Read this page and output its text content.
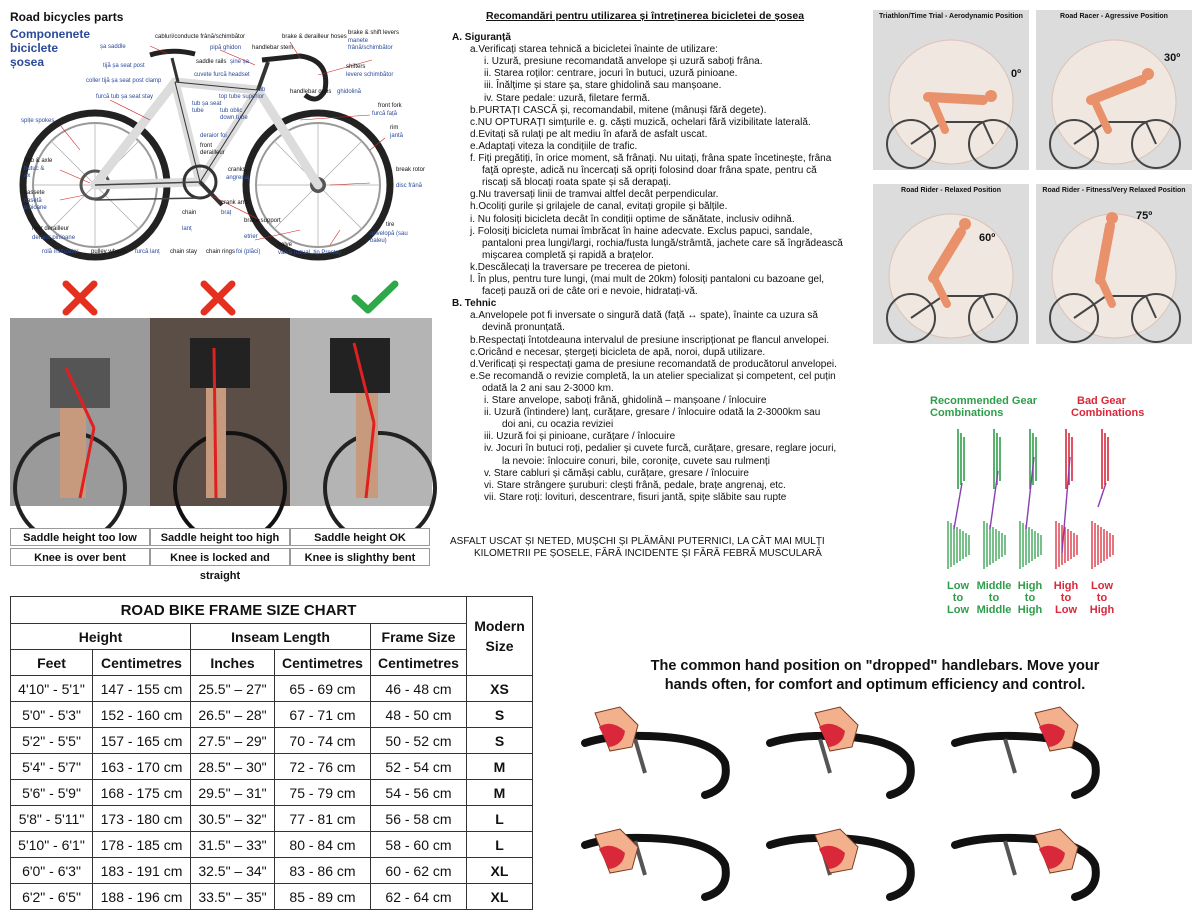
Road bicycles parts
Componenete biciclete șosea
cabluri/conducte frână/schimbător	brake & derailleur hoses
brake & shift levers
manete frână/schimbător
șa saddle	pipă ghidon handlebar stem
tijă șa seat post
saddle rails șine șa
coller tijă șa seat post clamp
cuvete furcă headset
shifters
levere schimbător
furcă tub șa seat stay	top tube superior
tub	handlebar grips ghidolină
tub șa seat tube	tub oblic down tube
front fork
furcă față
spițe spokes
deraior foi
front derailleur
rim
jantă
hub & axle
butuc & ax
cranks
angrenaj
break rotor
disc frână
cassete
casetă pinioane
crank arm
braț
chain
lanț
rear derailleur
deraior pinioane
brake support
etrier
tire
anvelopă (sau baleu)
rolă întinzător pulley wheels furcă lanț chain stay chain rings foi (plăci)
valve
valvă (uzual, tip Presta)
Saddle height too low	Saddle height too high	Saddle height OK
Knee is over bent	Knee is locked and straight
Knee is slighthy bent
ROAD BIKE FRAME SIZE CHART					Modern
Size

Height		Inseam Length		Frame Size	
Feet	Centimetres	Inches	Centimetres	Centimetres	
4'10" - 5'1"	147 - 155 cm	25.5" – 27"	65 - 69 cm	46 - 48 cm	XS
5'0" - 5'3"	152 - 160 cm	26.5" – 28"	67 - 71 cm	48 - 50 cm	S
5'2" - 5'5"	157 - 165 cm	27.5" – 29"	70 - 74 cm	50 - 52 cm	S
5'4" - 5'7"	163 - 170 cm	28.5" – 30"	72 - 76 cm	52 - 54 cm	M
5'6" - 5'9"	168 - 175 cm	29.5" – 31"	75 - 79 cm	54 - 56 cm	M
5'8" - 5'11"	173 - 180 cm	30.5" – 32"	77 - 81 cm	56 - 58 cm	L
5'10" - 6'1"	178 - 185 cm	31.5" – 33"	80 - 84 cm	58 - 60 cm	L
6'0" - 6'3"	183 - 191 cm	32.5" – 34"	83 - 86 cm	60 - 62 cm	XL
6'2" - 6'5"	188 - 196 cm	33.5" – 35"	85 - 89 cm	62 - 64 cm	XL
Recomandări pentru utilizarea și întreținerea bicicletei de șosea
A. Siguranță
a.Verificați starea tehnică a bicicletei înainte de utilizare:
i. Uzură, presiune recomandată anvelope și uzură saboți frâna.
ii. Starea roților: centrare, jocuri în butuci, uzură pinioane.
iii. Înălțime și stare șa, stare ghidolină sau manșoane.
iv. Stare pedale: uzură, filetare fermă.
b.PURTAȚI CASCĂ și, recomandabil, mitene (mânuși fără degete).
c.NU OPTURAȚI simțurile e. g. căști muzică, ochelari fără vizibilitate laterală.
d.Evitați să rulați pe alt mediu în afară de asfalt uscat.
e.Adaptați viteza la condițiile de trafic.
f. Fiți pregătiți, în orice moment, să frânați. Nu uitați, frâna spate încetinește, frâna
faţă oprește, adică nu încercați să opriți folosind doar frâna spate, pentru că
riscați să blocați roata spate și să derapați.
g.Nu traversați linii de tramvai altfel decât perpendicular.
h.Ocoliți gurile și grilajele de canal, evitați gropile și bălțile.
i. Nu folosiți bicicleta decât în condiții optime de sănătate, inclusiv odihnă.
j. Folosiți bicicleta numai îmbrăcat în haine adecvate. Exclus papuci, sandale,
pantaloni prea lungi/largi, rochia/fusta lungă/strâmtă, jachete care să îngrădească
mișcarea completă și rapidă a brațelor.
k.Descălecați la traversare pe trecerea de pietoni.
l. În plus, pentru ture lungi, (mai mult de 20km) folosiți pantaloni cu bazoane gel,
faceți pauză ori de câte ori e nevoie, hidratați-vă.
B. Tehnic
a.Anvelopele pot fi inversate o singură dată (față ↔ spate), înainte ca uzura să
devină pronunțată.
b.Respectați întotdeauna intervalul de presiune inscripționat pe flancul anvelopei.
c.Oricând e necesar, ștergeți bicicleta de apă, noroi, după utilizare.
d.Verificați și respectați gama de presiune recomandată de producătorul anvelopei.
e.Se recomandă o revizie completă, la un atelier specializat și competent, cel puțin
odată la 2 ani sau 2-3000 km.
i. Stare anvelope, saboți frână, ghidolină – manșoane / înlocuire
ii. Uzură (întindere) lanț, curățare, gresare / înlocuire odată la 2-3000km sau
doi ani, cu ocazia reviziei
iii. Uzură foi și pinioane, curățare / înlocuire
iv. Jocuri în butuci roți, pedalier și cuvete furcă, curățare, gresare, reglare jocuri,
la nevoie: înlocuire conuri, bile, coronițe, cuvete sau rulmenți
v. Stare cabluri și cămăși cablu, curățare, gresare / înlocuire
vi. Stare strângere șuruburi: clești frână, pedale, brațe angrenaj, etc.
vii. Stare roți: lovituri, descentrare, fisuri jantă, spițe slăbite sau rupte
ASFALT USCAT ȘI NETED, MUȘCHI ȘI PLĂMÂNI PUTERNICI, LA CÂT MAI MULȚI
KILOMETRII PE ȘOSELE, FĂRĂ INCIDENTE ȘI FĂRĂ FEBRĂ MUSCULARĂ
Triathlon/Time Trial - Aerodynamic Position
0º
Road Racer - Agressive Position
30º
Road Rider - Relaxed Position
60º
Road Rider - Fitness/Very Relaxed Position
75º
Recommended Gear
Combinations
Bad Gear
Combinations
Low
to
Low
Middle
to
Middle
High
to
High
High
to
Low
Low
to
High
The common hand position on "dropped" handlebars. Move your
hands often, for comfort and optimum efficiency and control.
